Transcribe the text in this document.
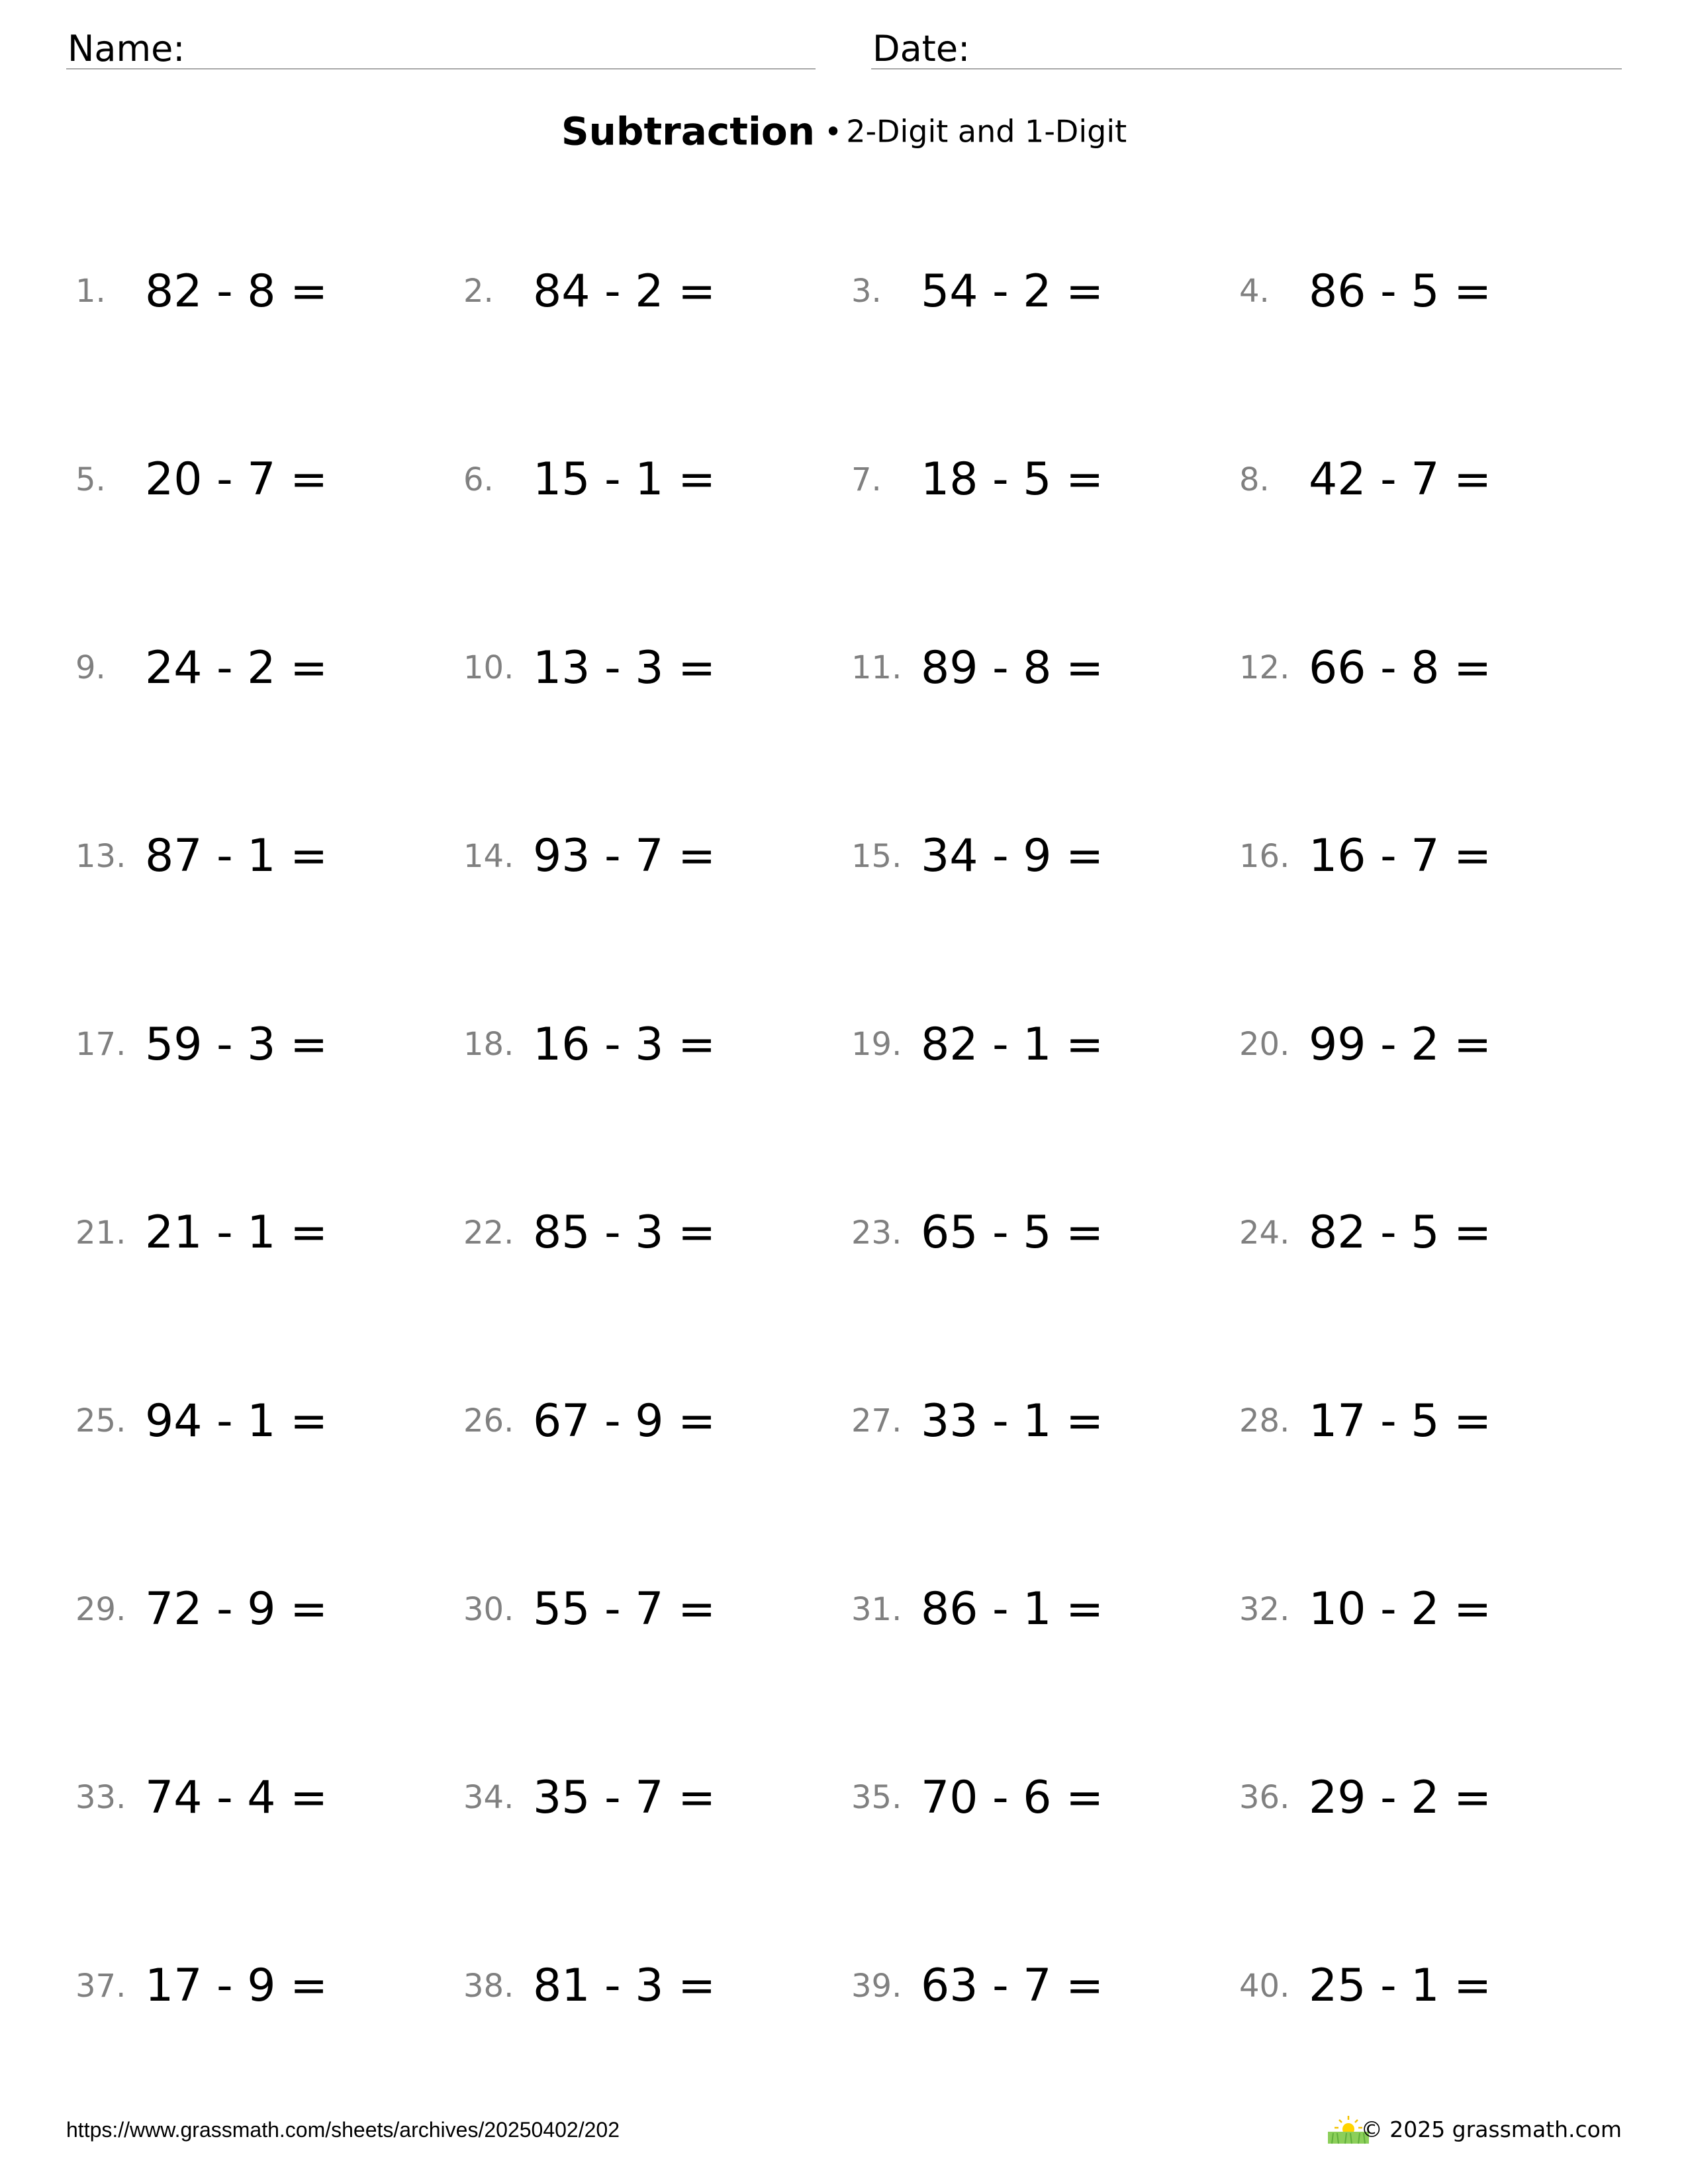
Name:	Date:
Subtraction • 2-Digit and 1-Digit
1. 82 - 8 =	2. 84 - 2 =	3. 54 - 2 =	4. 86 - 5 =
5. 20 - 7 =	6. 15 - 1 =	7. 18 - 5 =	8. 42 - 7 =
9. 24 - 2 =	10. 13 - 3 =	11. 89 - 8 =	12. 66 - 8 =
13. 87 - 1 =	14. 93 - 7 =	15. 34 - 9 =	16. 16 - 7 =
17. 59 - 3 =	18. 16 - 3 =	19. 82 - 1 =	20. 99 - 2 =
21. 21 - 1 =	22. 85 - 3 =	23. 65 - 5 =	24. 82 - 5 =
25. 94 - 1 =	26. 67 - 9 =	27. 33 - 1 =	28. 17 - 5 =
29. 72 - 9 =	30. 55 - 7 =	31. 86 - 1 =	32. 10 - 2 =
33. 74 - 4 =	34. 35 - 7 =	35. 70 - 6 =	36. 29 - 2 =
37. 17 - 9 =	38. 81 - 3 =	39. 63 - 7 =	40. 25 - 1 =
https://www.grassmath.com/sheets/archives/20250402/202	© 2025 grassmath.com
